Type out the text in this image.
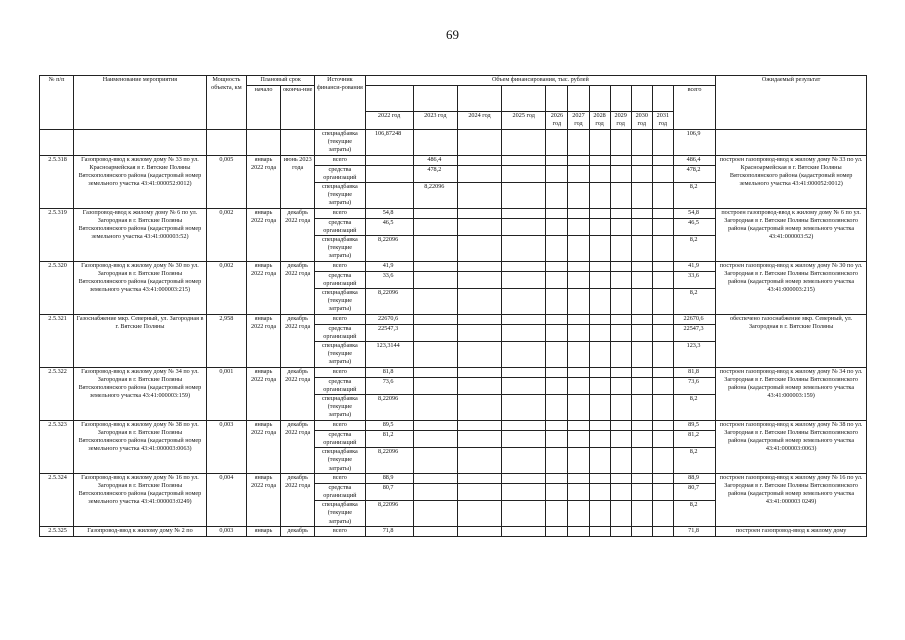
69
№ п/п	Наименование мероприятия	Мощность объекта, км	Плановый срок		Источник финанси-рования	Объем финансирования, тыс. рублей											Ожидаемый результат
			начало	оконча-ние												всего	
						2022 год	2023 год	2024 год	2025 год	2026 год	2027 год	2028 год	2029 год	2030 год	2031 год		
					спецнадбавка (текущие затраты)	106,87248										106,9	
2.5.318	Газопровод-ввод к жилому дому № 33 по ул. Красноармейская в г. Вятские Поляны Вятскополянского района (кадастровый номер земельного участка 43:41:000052:0012)	0,005	январь 2022 года	июнь 2023 года	всего		486,4									486,4	построен газопровод-ввод к жилому дому № 33 по ул. Красноармейская в г. Вятские Поляны Вятскополянского района (кадастровый номер земельного участка 43:41:000052:0012)
					средства организаций		478,2									478,2	
					спецнадбавка (текущие затраты)		8,22096									8,2	
2.5.319	Газопровод-ввод к жилому дому № 6 по ул. Загородная в г. Вятские Поляны Вятскополянского района (кадастровый номер земельного участка 43:41:000003:52)	0,002	январь 2022 года	декабрь 2022 года	всего	54,8										54,8	построен газопровод-ввод к жилому дому № 6 по ул. Загородная в г. Вятские Поляны Вятскополянского района (кадастровый номер земельного участка 43:41:000003:52)
					средства организаций	46,5										46,5	
					спецнадбавка (текущие затраты)	8,22096										8,2	
2.5.320	Газопровод-ввод к жилому дому № 30 по ул. Загородная в г. Вятские Поляны Вятскополянского района (кадастровый номер земельного участка 43:41:000003:215)	0,002	январь 2022 года	декабрь 2022 года	всего	41,9										41,9	построен газопровод-ввод к жилому дому № 30 по ул. Загородная в г. Вятские Поляны Вятскополянского района (кадастровый номер земельного участка 43:41:000003:215)
					средства организаций	33,6										33,6	
					спецнадбавка (текущие затраты)	8,22096										8,2	
2.5.321	Газоснабжение мкр. Северный, ул. Загородная в г. Вятские Поляны	2,958	январь 2022 года	декабрь 2022 года	всего	22670,6										22670,6	обеспечено газоснабжение мкр. Северный, ул. Загородная в г. Вятские Поляны
					средства организаций	22547,3										22547,3	
					спецнадбавка (текущие затраты)	123,3144										123,3	
2.5.322	Газопровод-ввод к жилому дому № 34 по ул. Загородная в г. Вятские Поляны Вятскополянского района (кадастровый номер земельного участка 43:41:000003:159)	0,001	январь 2022 года	декабрь 2022 года	всего	81,8										81,8	построен газопровод-ввод к жилому дому № 34 по ул. Загородная в г. Вятские Поляны Вятскополянского района (кадастровый номер земельного участка 43:41:000003:159)
					средства организаций	73,6										73,6	
					спецнадбавка (текущие затраты)	8,22096										8,2	
2.5.323	Газопровод-ввод к жилому дому № 38 по ул. Загородная в г. Вятские Поляны Вятскополянского района (кадастровый номер земельного участка 43:41:000003:0063)	0,003	январь 2022 года	декабрь 2022 года	всего	89,5										89,5	построен газопровод-ввод к жилому дому № 38 по ул. Загородная в г. Вятские Поляны Вятскополянского района (кадастровый номер земельного участка 43:41:000003:0063)
					средства организаций	81,2										81,2	
					спецнадбавка (текущие затраты)	8,22096										8,2	
2.5.324	Газопровод-ввод к жилому дому № 16 по ул. Загородная в г. Вятские Поляны Вятскополянского района (кадастровый номер земельного участка 43:41:000003:0249)	0,004	январь 2022 года	декабрь 2022 года	всего	88,9										88,9	построен газопровод-ввод к жилому дому № 16 по ул. Загородная в г. Вятские Поляны Вятскополянского района (кадастровый номер земельного участка 43:41:000003 0249)
					средства организаций	80,7										80,7	
					спецнадбавка (текущие затраты)	8,22096										8,2	
2.5.325	Газопровод-ввод к жилому дому № 2 по	0,003	январь	декабрь	всего	71,8										71,8	построен газопровод-ввод к жилому дому
